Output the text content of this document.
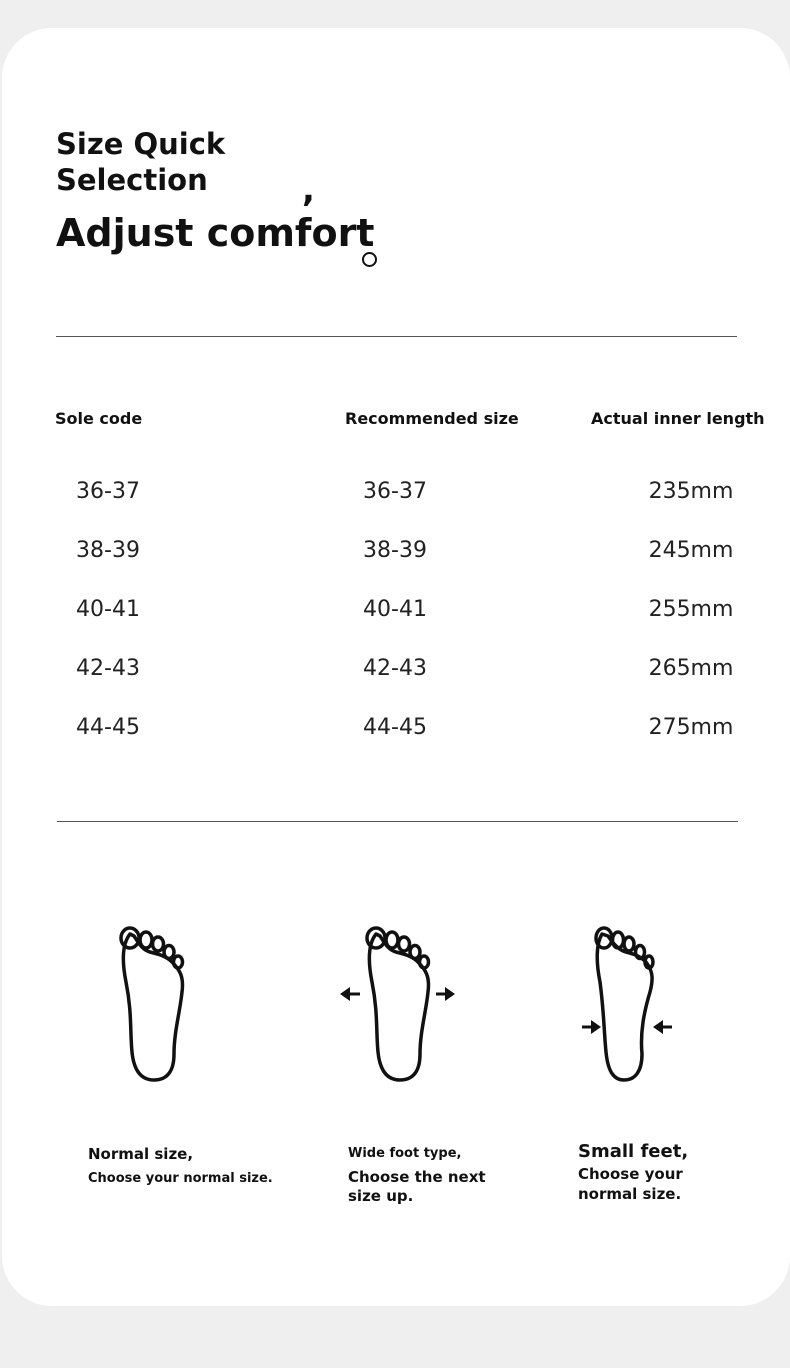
Size Quick
Selection	,
Adjust comfort
Sole code	Recommended size	Actual inner length
36-37	36-37	235mm
38-39	38-39	245mm
40-41	40-41	255mm
42-43	42-43	265mm
44-45	44-45	275mm
Normal size,
Choose your normal size.
Wide foot type,
Choose the next
size up.
Small feet,
Choose your
normal size.
